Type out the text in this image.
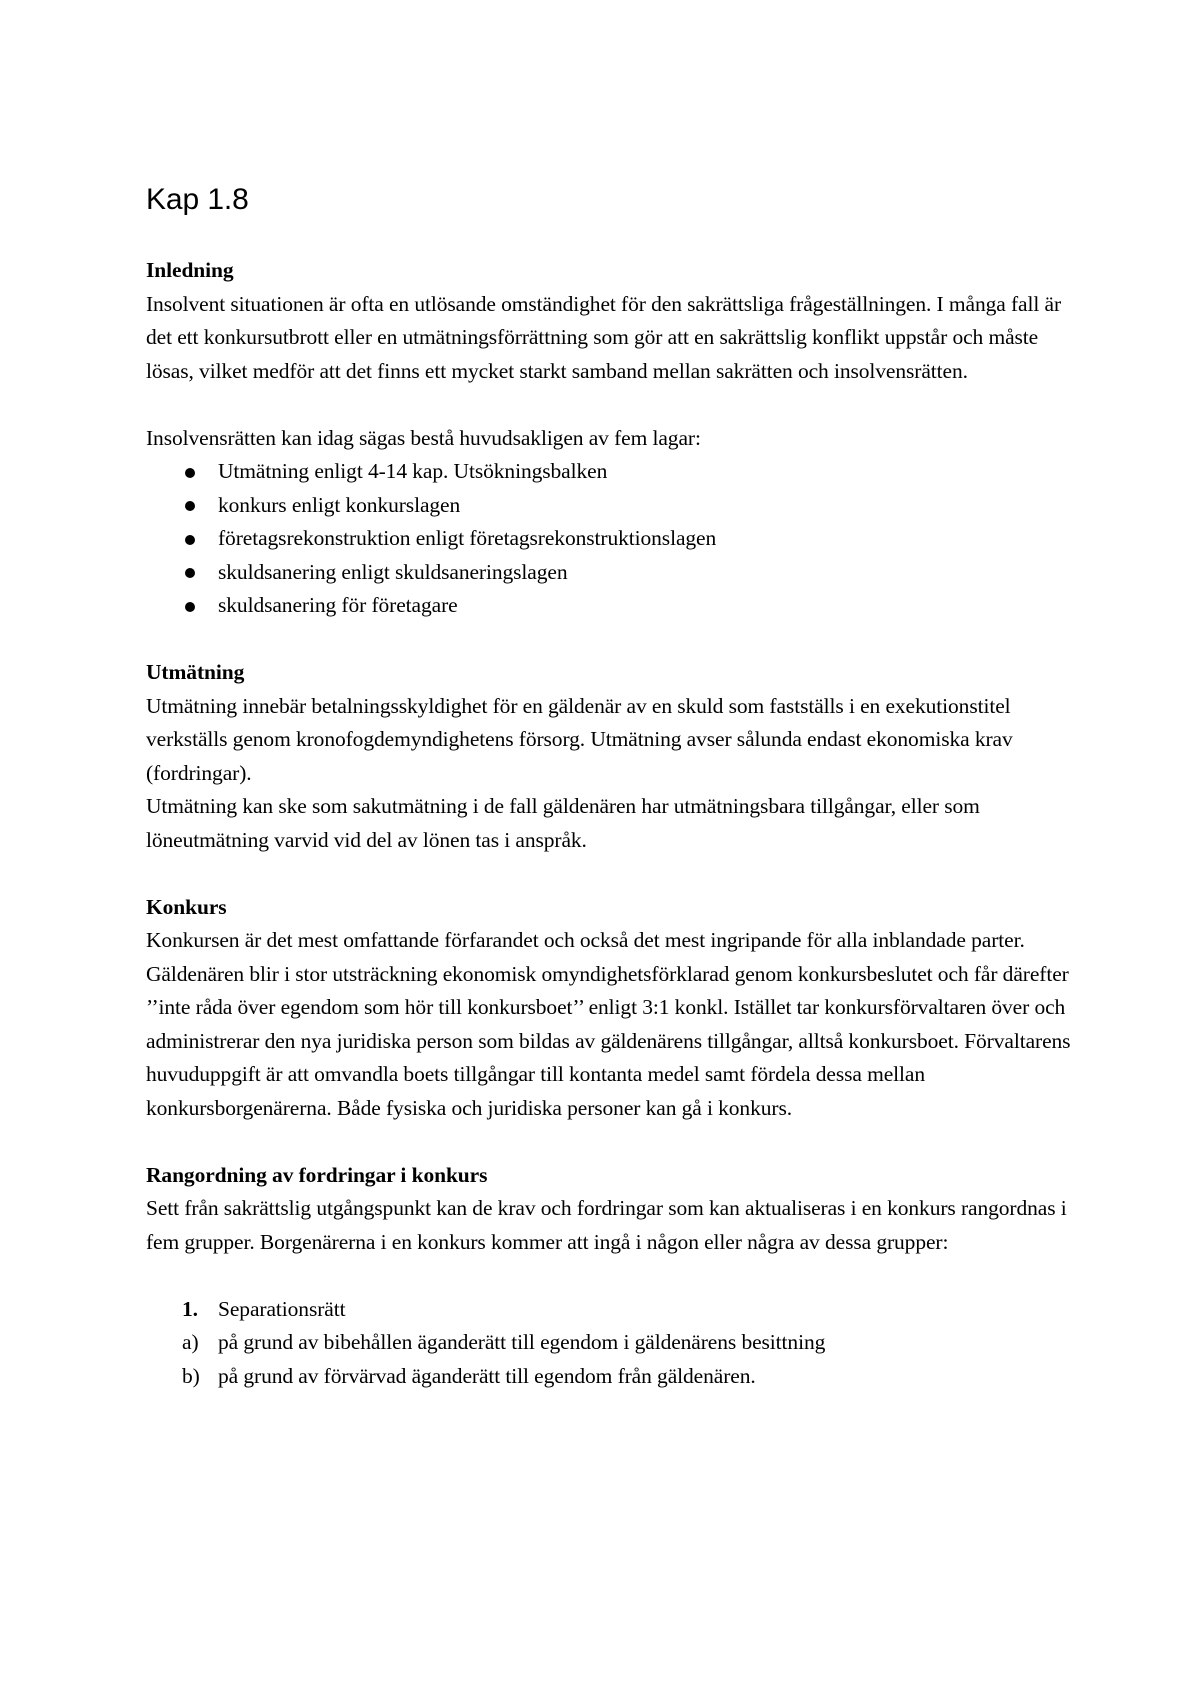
Kap 1.8

Inledning

Insolvent situationen är ofta en utlösande omständighet för den sakrättsliga frågeställningen. I många fall är det ett konkursutbrott eller en utmätningsförrättning som gör att en sakrättslig konflikt uppstår och måste lösas, vilket medför att det finns ett mycket starkt samband mellan sakrätten och insolvensrätten.

Insolvensrätten kan idag sägas bestå huvudsakligen av fem lagar:

Utmätning enligt 4-14 kap. Utsökningsbalken
konkurs enligt konkurslagen
företagsrekonstruktion enligt företagsrekonstruktionslagen
skuldsanering enligt skuldsaneringslagen
skuldsanering för företagare

Utmätning

Utmätning innebär betalningsskyldighet för en gäldenär av en skuld som fastställs i en exekutionstitel verkställs genom kronofogdemyndighetens försorg. Utmätning avser sålunda endast ekonomiska krav (fordringar).

Utmätning kan ske som sakutmätning i de fall gäldenären har utmätningsbara tillgångar, eller som löneutmätning varvid vid del av lönen tas i anspråk.

Konkurs

Konkursen är det mest omfattande förfarandet och också det mest ingripande för alla inblandade parter. Gäldenären blir i stor utsträckning ekonomisk omyndighetsförklarad genom konkursbeslutet och får därefter ’’inte råda över egendom som hör till konkursboet’’ enligt 3:1 konkl. Istället tar konkursförvaltaren över och administrerar den nya juridiska person som bildas av gäldenärens tillgångar, alltså konkursboet. Förvaltarens huvuduppgift är att omvandla boets tillgångar till kontanta medel samt fördela dessa mellan konkursborgenärerna. Både fysiska och juridiska personer kan gå i konkurs.

Rangordning av fordringar i konkurs

Sett från sakrättslig utgångspunkt kan de krav och fordringar som kan aktualiseras i en konkurs rangordnas i fem grupper. Borgenärerna i en konkurs kommer att ingå i någon eller några av dessa grupper:

1. Separationsrätt
a) på grund av bibehållen äganderätt till egendom i gäldenärens besittning
b) på grund av förvärvad äganderätt till egendom från gäldenären.
